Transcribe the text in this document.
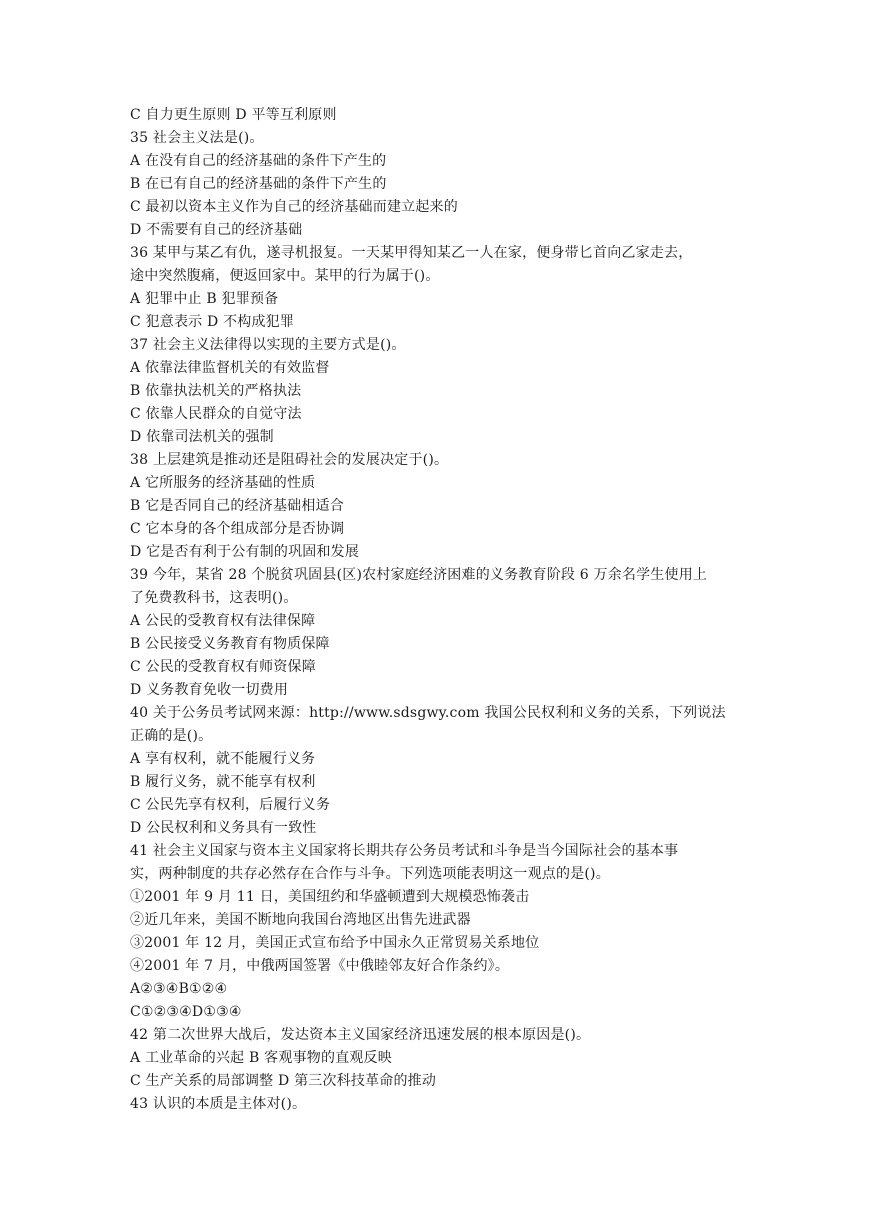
C 自力更生原则 D 平等互利原则
35 社会主义法是()。
A 在没有自己的经济基础的条件下产生的
B 在已有自己的经济基础的条件下产生的
C 最初以资本主义作为自己的经济基础而建立起来的
D 不需要有自己的经济基础
36 某甲与某乙有仇，遂寻机报复。一天某甲得知某乙一人在家，便身带匕首向乙家走去，
途中突然腹痛，便返回家中。某甲的行为属于()。
A 犯罪中止 B 犯罪预备
C 犯意表示 D 不构成犯罪
37 社会主义法律得以实现的主要方式是()。
A 依靠法律监督机关的有效监督
B 依靠执法机关的严格执法
C 依靠人民群众的自觉守法
D 依靠司法机关的强制
38 上层建筑是推动还是阻碍社会的发展决定于()。
A 它所服务的经济基础的性质
B 它是否同自己的经济基础相适合
C 它本身的各个组成部分是否协调
D 它是否有利于公有制的巩固和发展
39 今年，某省 28 个脱贫巩固县(区)农村家庭经济困难的义务教育阶段 6 万余名学生使用上
了免费教科书，这表明()。
A 公民的受教育权有法律保障
B 公民接受义务教育有物质保障
C 公民的受教育权有师资保障
D 义务教育免收一切费用
40 关于公务员考试网来源：http://www.sdsgwy.com 我国公民权利和义务的关系，下列说法
正确的是()。
A 享有权利，就不能履行义务
B 履行义务，就不能享有权利
C 公民先享有权利，后履行义务
D 公民权利和义务具有一致性
41 社会主义国家与资本主义国家将长期共存公务员考试和斗争是当今国际社会的基本事
实，两种制度的共存必然存在合作与斗争。下列选项能表明这一观点的是()。
①2001 年 9 月 11 日，美国纽约和华盛顿遭到大规模恐怖袭击
②近几年来，美国不断地向我国台湾地区出售先进武器
③2001 年 12 月，美国正式宣布给予中国永久正常贸易关系地位
④2001 年 7 月，中俄两国签署《中俄睦邻友好合作条约》。
A②③④B①②④
C①②③④D①③④
42 第二次世界大战后，发达资本主义国家经济迅速发展的根本原因是()。
A 工业革命的兴起 B 客观事物的直观反映
C 生产关系的局部调整 D 第三次科技革命的推动
43 认识的本质是主体对()。
